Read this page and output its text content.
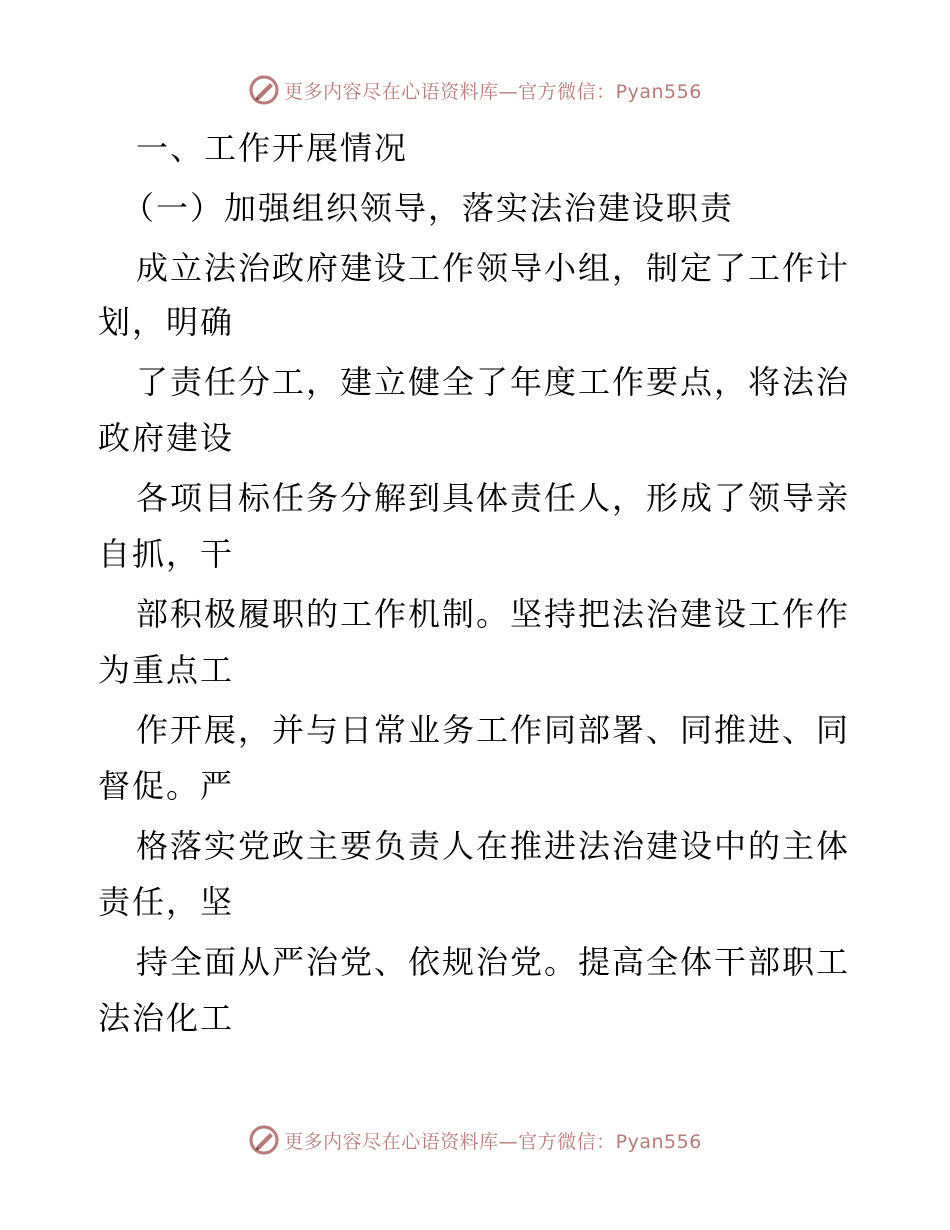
更多内容尽在心语资料库—官方微信：Pyan556
一、工作开展情况
（一）加强组织领导，落实法治建设职责
成立法治政府建设工作领导小组，制定了工作计
划，明确
了责任分工，建立健全了年度工作要点，将法治
政府建设
各项目标任务分解到具体责任人，形成了领导亲
自抓，干
部积极履职的工作机制。坚持把法治建设工作作
为重点工
作开展，并与日常业务工作同部署、同推进、同
督促。严
格落实党政主要负责人在推进法治建设中的主体
责任，坚
持全面从严治党、依规治党。提高全体干部职工
法治化工
更多内容尽在心语资料库—官方微信：Pyan556
